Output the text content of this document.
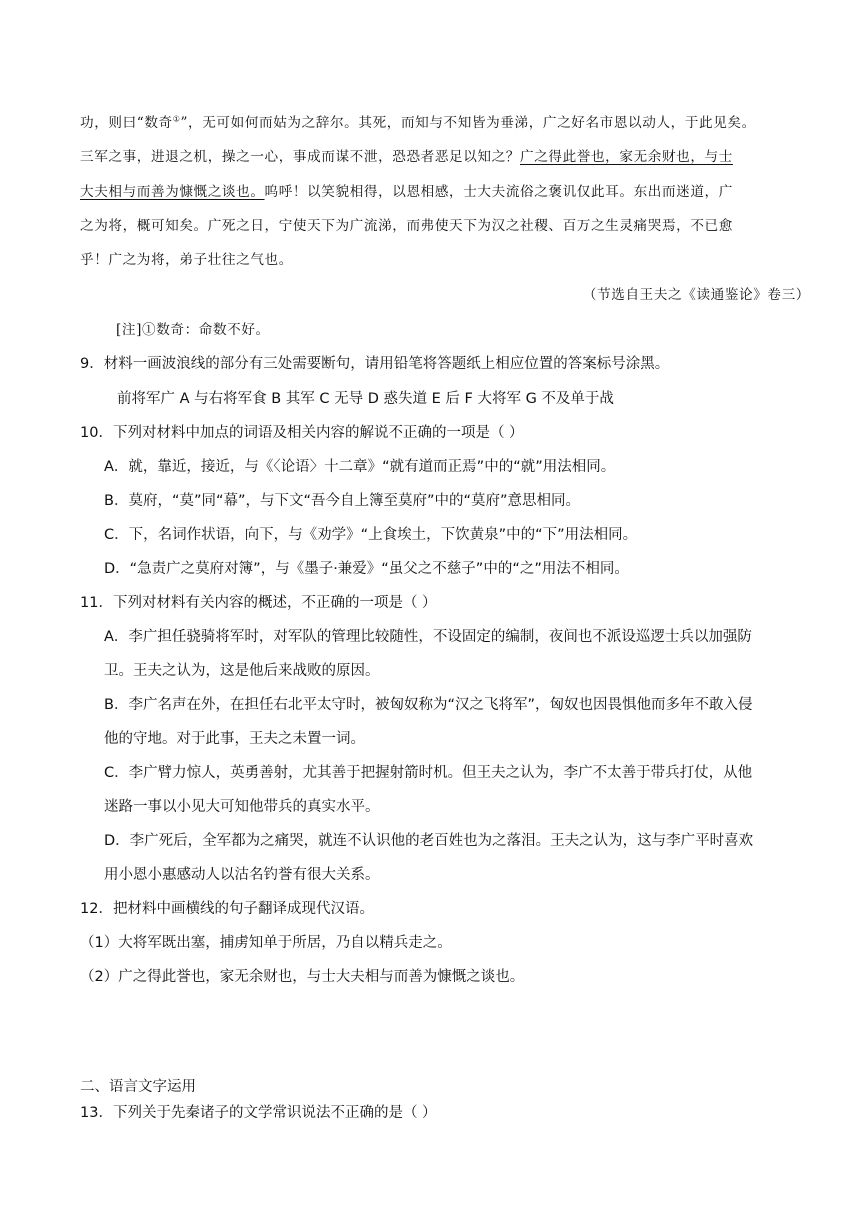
功，则曰“数奇①”，无可如何而姑为之辞尔。其死，而知与不知皆为垂涕，广之好名市恩以动人，于此见矣。
三军之事，进退之机，操之一心，事成而谋不泄，恐恐者恶足以知之？广之得此誉也，家无余财也，与士
大夫相与而善为慷慨之谈也。呜呼！以笑貌相得，以恩相感，士大夫流俗之褒讥仅此耳。东出而迷道，广
之为将，概可知矣。广死之日，宁使天下为广流涕，而弗使天下为汉之社稷、百万之生灵痛哭焉，不已愈
乎！广之为将，弟子壮往之气也。
（节选自王夫之《读通鉴论》卷三）
[注]①数奇：命数不好。
9．材料一画波浪线的部分有三处需要断句，请用铅笔将答题纸上相应位置的答案标号涂黑。
前将军广 A 与右将军食 B 其军 C 无导 D 惑失道 E 后 F 大将军 G 不及单于战
10．下列对材料中加点的词语及相关内容的解说不正确的一项是（ ）
A．就，靠近，接近，与《〈论语〉十二章》“就有道而正焉”中的“就”用法相同。
B．莫府，“莫”同“幕”，与下文“吾今自上簿至莫府”中的“莫府”意思相同。
C．下，名词作状语，向下，与《劝学》“上食埃土，下饮黄泉”中的“下”用法相同。
D．“急责广之莫府对簿”，与《墨子·兼爱》“虽父之不慈子”中的“之”用法不相同。
11．下列对材料有关内容的概述，不正确的一项是（ ）
A．李广担任骁骑将军时，对军队的管理比较随性，不设固定的编制，夜间也不派设巡逻士兵以加强防
卫。王夫之认为，这是他后来战败的原因。
B．李广名声在外，在担任右北平太守时，被匈奴称为“汉之飞将军”，匈奴也因畏惧他而多年不敢入侵
他的守地。对于此事，王夫之未置一词。
C．李广臂力惊人，英勇善射，尤其善于把握射箭时机。但王夫之认为，李广不太善于带兵打仗，从他
迷路一事以小见大可知他带兵的真实水平。
D．李广死后，全军都为之痛哭，就连不认识他的老百姓也为之落泪。王夫之认为，这与李广平时喜欢
用小恩小惠感动人以沽名钓誉有很大关系。
12．把材料中画横线的句子翻译成现代汉语。
（1）大将军既出塞，捕虏知单于所居，乃自以精兵走之。
（2）广之得此誉也，家无余财也，与士大夫相与而善为慷慨之谈也。
二、语言文字运用
13．下列关于先秦诸子的文学常识说法不正确的是（ ）
